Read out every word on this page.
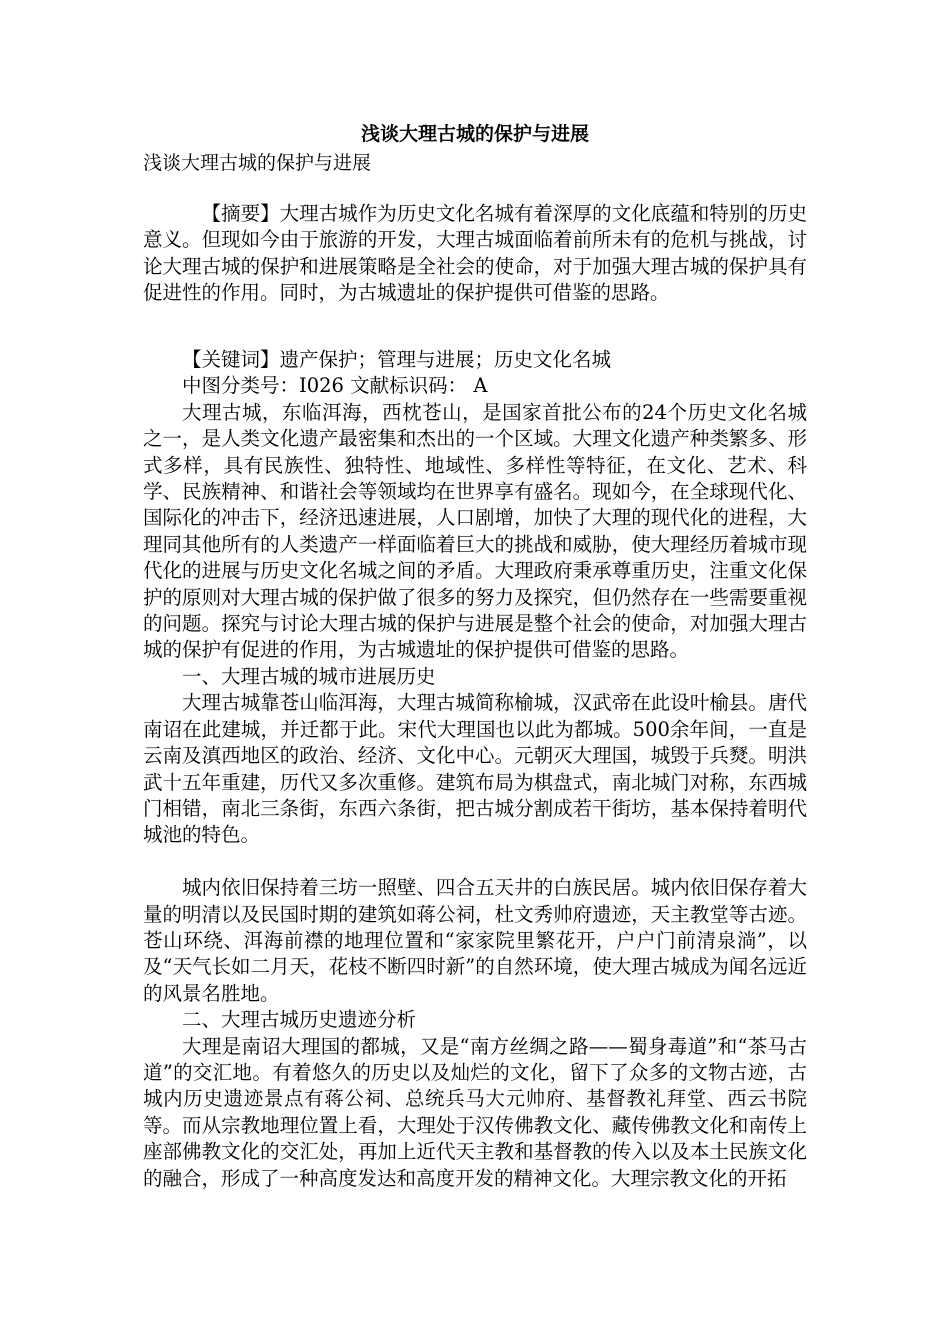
浅谈大理古城的保护与进展
浅谈大理古城的保护与进展

【摘要】大理古城作为历史文化名城有着深厚的文化底蕴和特别的历史意义。但现如今由于旅游的开发，大理古城面临着前所未有的危机与挑战，讨论大理古城的保护和进展策略是全社会的使命，对于加强大理古城的保护具有促进性的作用。同时，为古城遗址的保护提供可借鉴的思路。

【关键词】遗产保护；管理与进展；历史文化名城

中图分类号：I026 文献标识码： A

大理古城，东临洱海，西枕苍山，是国家首批公布的24个历史文化名城之一，是人类文化遗产最密集和杰出的一个区域。大理文化遗产种类繁多、形式多样，具有民族性、独特性、地域性、多样性等特征，在文化、艺术、科学、民族精神、和谐社会等领域均在世界享有盛名。现如今，在全球现代化、国际化的冲击下，经济迅速进展，人口剧增，加快了大理的现代化的进程，大理同其他所有的人类遗产一样面临着巨大的挑战和威胁，使大理经历着城市现代化的进展与历史文化名城之间的矛盾。大理政府秉承尊重历史，注重文化保护的原则对大理古城的保护做了很多的努力及探究，但仍然存在一些需要重视的问题。探究与讨论大理古城的保护与进展是整个社会的使命，对加强大理古城的保护有促进的作用，为古城遗址的保护提供可借鉴的思路。

一、大理古城的城市进展历史

大理古城靠苍山临洱海，大理古城简称榆城，汉武帝在此设叶榆县。唐代南诏在此建城，并迁都于此。宋代大理国也以此为都城。500余年间，一直是云南及滇西地区的政治、经济、文化中心。元朝灭大理国，城毁于兵燹。明洪武十五年重建，历代又多次重修。建筑布局为棋盘式，南北城门对称，东西城门相错，南北三条街，东西六条街，把古城分割成若干街坊，基本保持着明代城池的特色。

城内依旧保持着三坊一照壁、四合五天井的白族民居。城内依旧保存着大量的明清以及民国时期的建筑如蒋公祠，杜文秀帅府遗迹，天主教堂等古迹。苍山环绕、洱海前襟的地理位置和“家家院里繁花开，户户门前清泉淌”，以及“天气长如二月天，花枝不断四时新”的自然环境，使大理古城成为闻名远近的风景名胜地。

二、大理古城历史遗迹分析

大理是南诏大理国的都城，又是“南方丝绸之路——蜀身毒道”和“茶马古道”的交汇地。有着悠久的历史以及灿烂的文化，留下了众多的文物古迹，古城内历史遗迹景点有蒋公祠、总统兵马大元帅府、基督教礼拜堂、西云书院等。而从宗教地理位置上看，大理处于汉传佛教文化、藏传佛教文化和南传上座部佛教文化的交汇处，再加上近代天主教和基督教的传入以及本土民族文化的融合，形成了一种高度发达和高度开发的精神文化。大理宗教文化的开拓
